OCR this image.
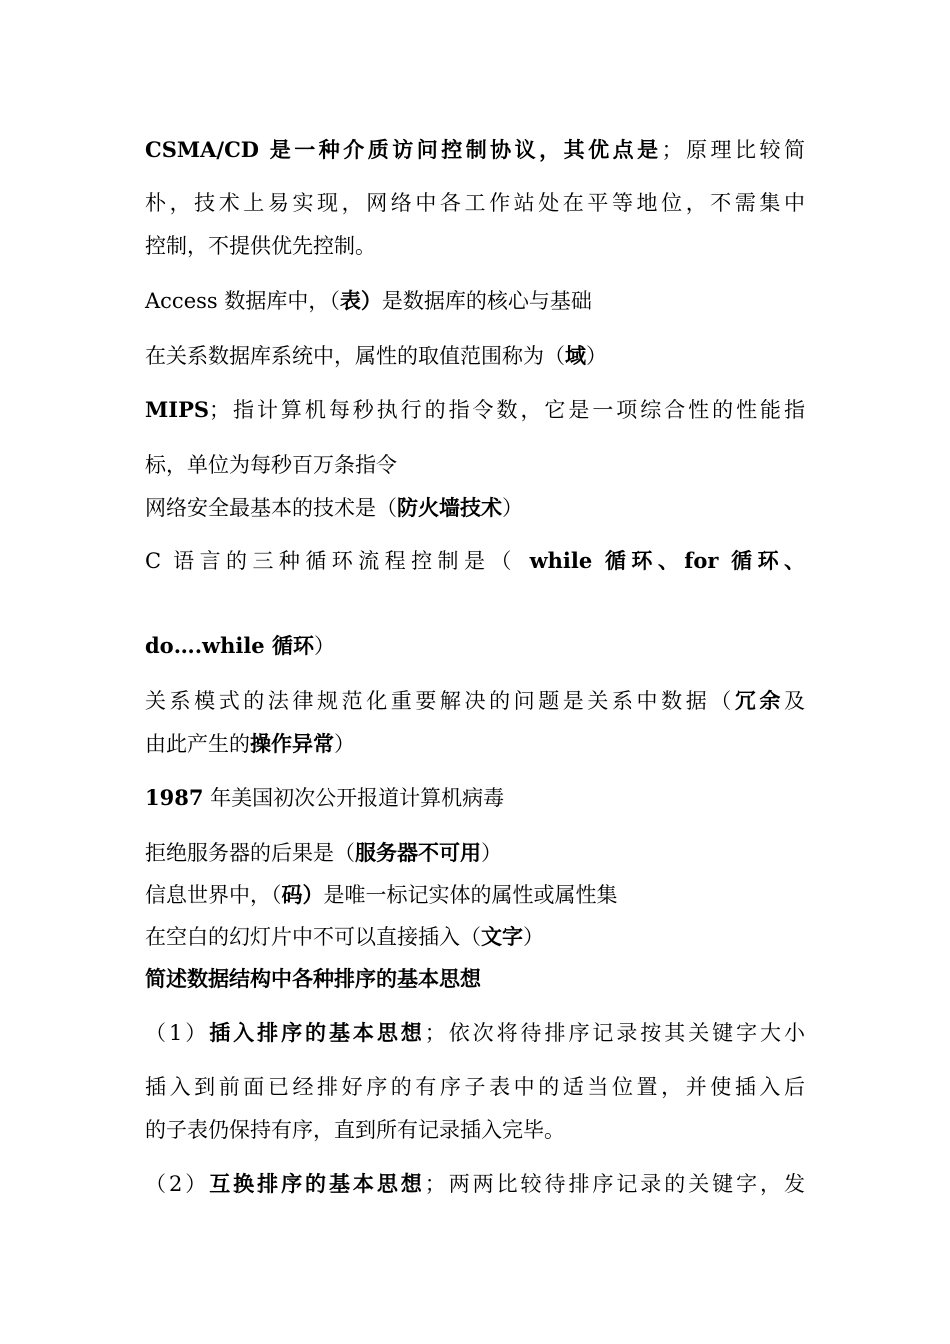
CSMA/CD 是一种介质访问控制协议，其优点是；原理比较简
朴，技术上易实现，网络中各工作站处在平等地位，不需集中
控制，不提供优先控制。
Access 数据库中，（表）是数据库的核心与基础
在关系数据库系统中，属性的取值范围称为（域）
MIPS；指计算机每秒执行的指令数，它是一项综合性的性能指
标，单位为每秒百万条指令
网络安全最基本的技术是（防火墙技术）
C 语言的三种循环流程控制是（ while 循环、for 循环、
do….while 循环）
关系模式的法律规范化重要解决的问题是关系中数据（冗余及
由此产生的操作异常）
1987 年美国初次公开报道计算机病毒
拒绝服务器的后果是（服务器不可用）
信息世界中，（码）是唯一标记实体的属性或属性集
在空白的幻灯片中不可以直接插入（文字）
简述数据结构中各种排序的基本思想
（1）插入排序的基本思想；依次将待排序记录按其关键字大小
插入到前面已经排好序的有序子表中的适当位置，并使插入后
的子表仍保持有序，直到所有记录插入完毕。
（2）互换排序的基本思想；两两比较待排序记录的关键字，发
